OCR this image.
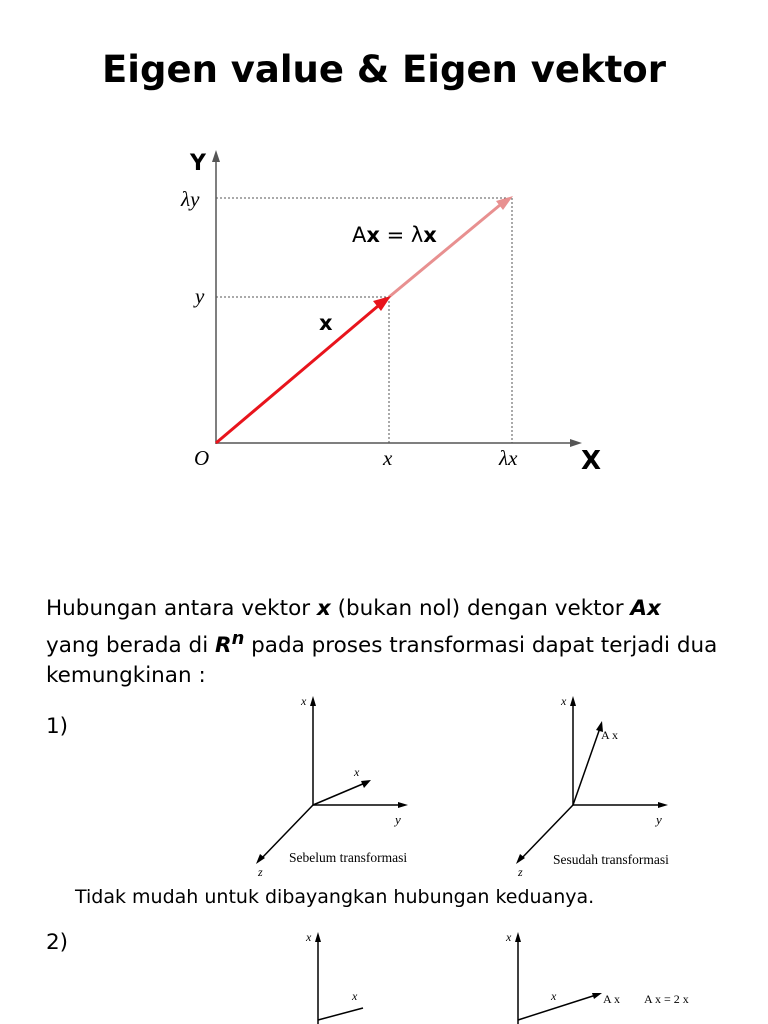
Eigen value & Eigen vektor
Y
λy
y
O	x	λx X
x
Ax = λx
Hubungan antara vektor x (bukan nol) dengan vektor Ax
yang berada di $R^n$ pada proses transformasi dapat terjadi dua kemungkinan :
1)
x
y
z
x
Sebelum transformasi
x
y
z
A x
Sesudah transformasi
Tidak mudah untuk dibayangkan hubungan keduanya.
2)	x
x
x
x	A x A x = 2 x
